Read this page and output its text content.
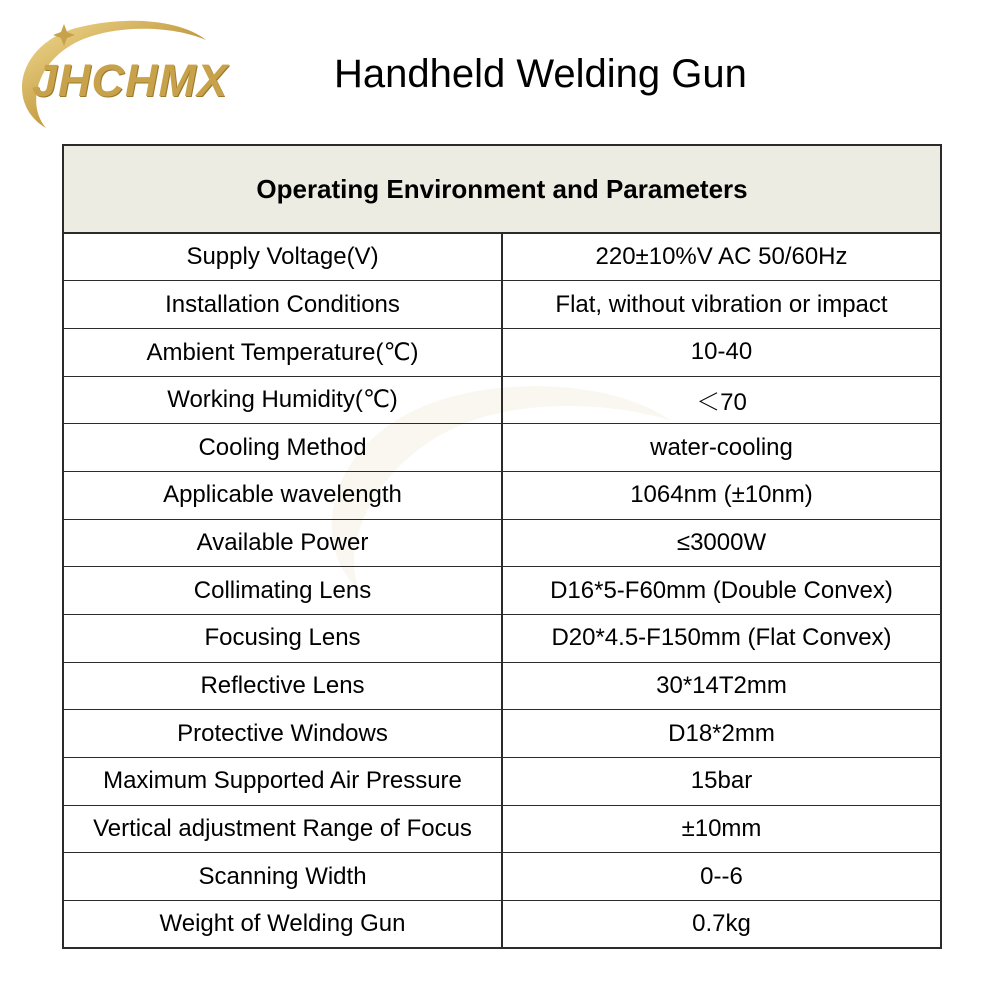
JHCHMX	Handheld Welding Gun
Operating Environment and Parameters	
Supply Voltage(V)	220±10%V AC 50/60Hz
Installation Conditions	Flat, without vibration or impact
Ambient Temperature(℃)	10-40
Working Humidity(℃)	＜70
Cooling Method	water-cooling
Applicable wavelength	1064nm (±10nm)
Available Power	≤3000W
Collimating Lens	D16*5-F60mm (Double Convex)
Focusing Lens	D20*4.5-F150mm (Flat Convex)
Reflective Lens	30*14T2mm
Protective Windows	D18*2mm
Maximum Supported Air Pressure	15bar
Vertical adjustment Range of Focus	±10mm
Scanning Width	0--6
Weight of Welding Gun	0.7kg
